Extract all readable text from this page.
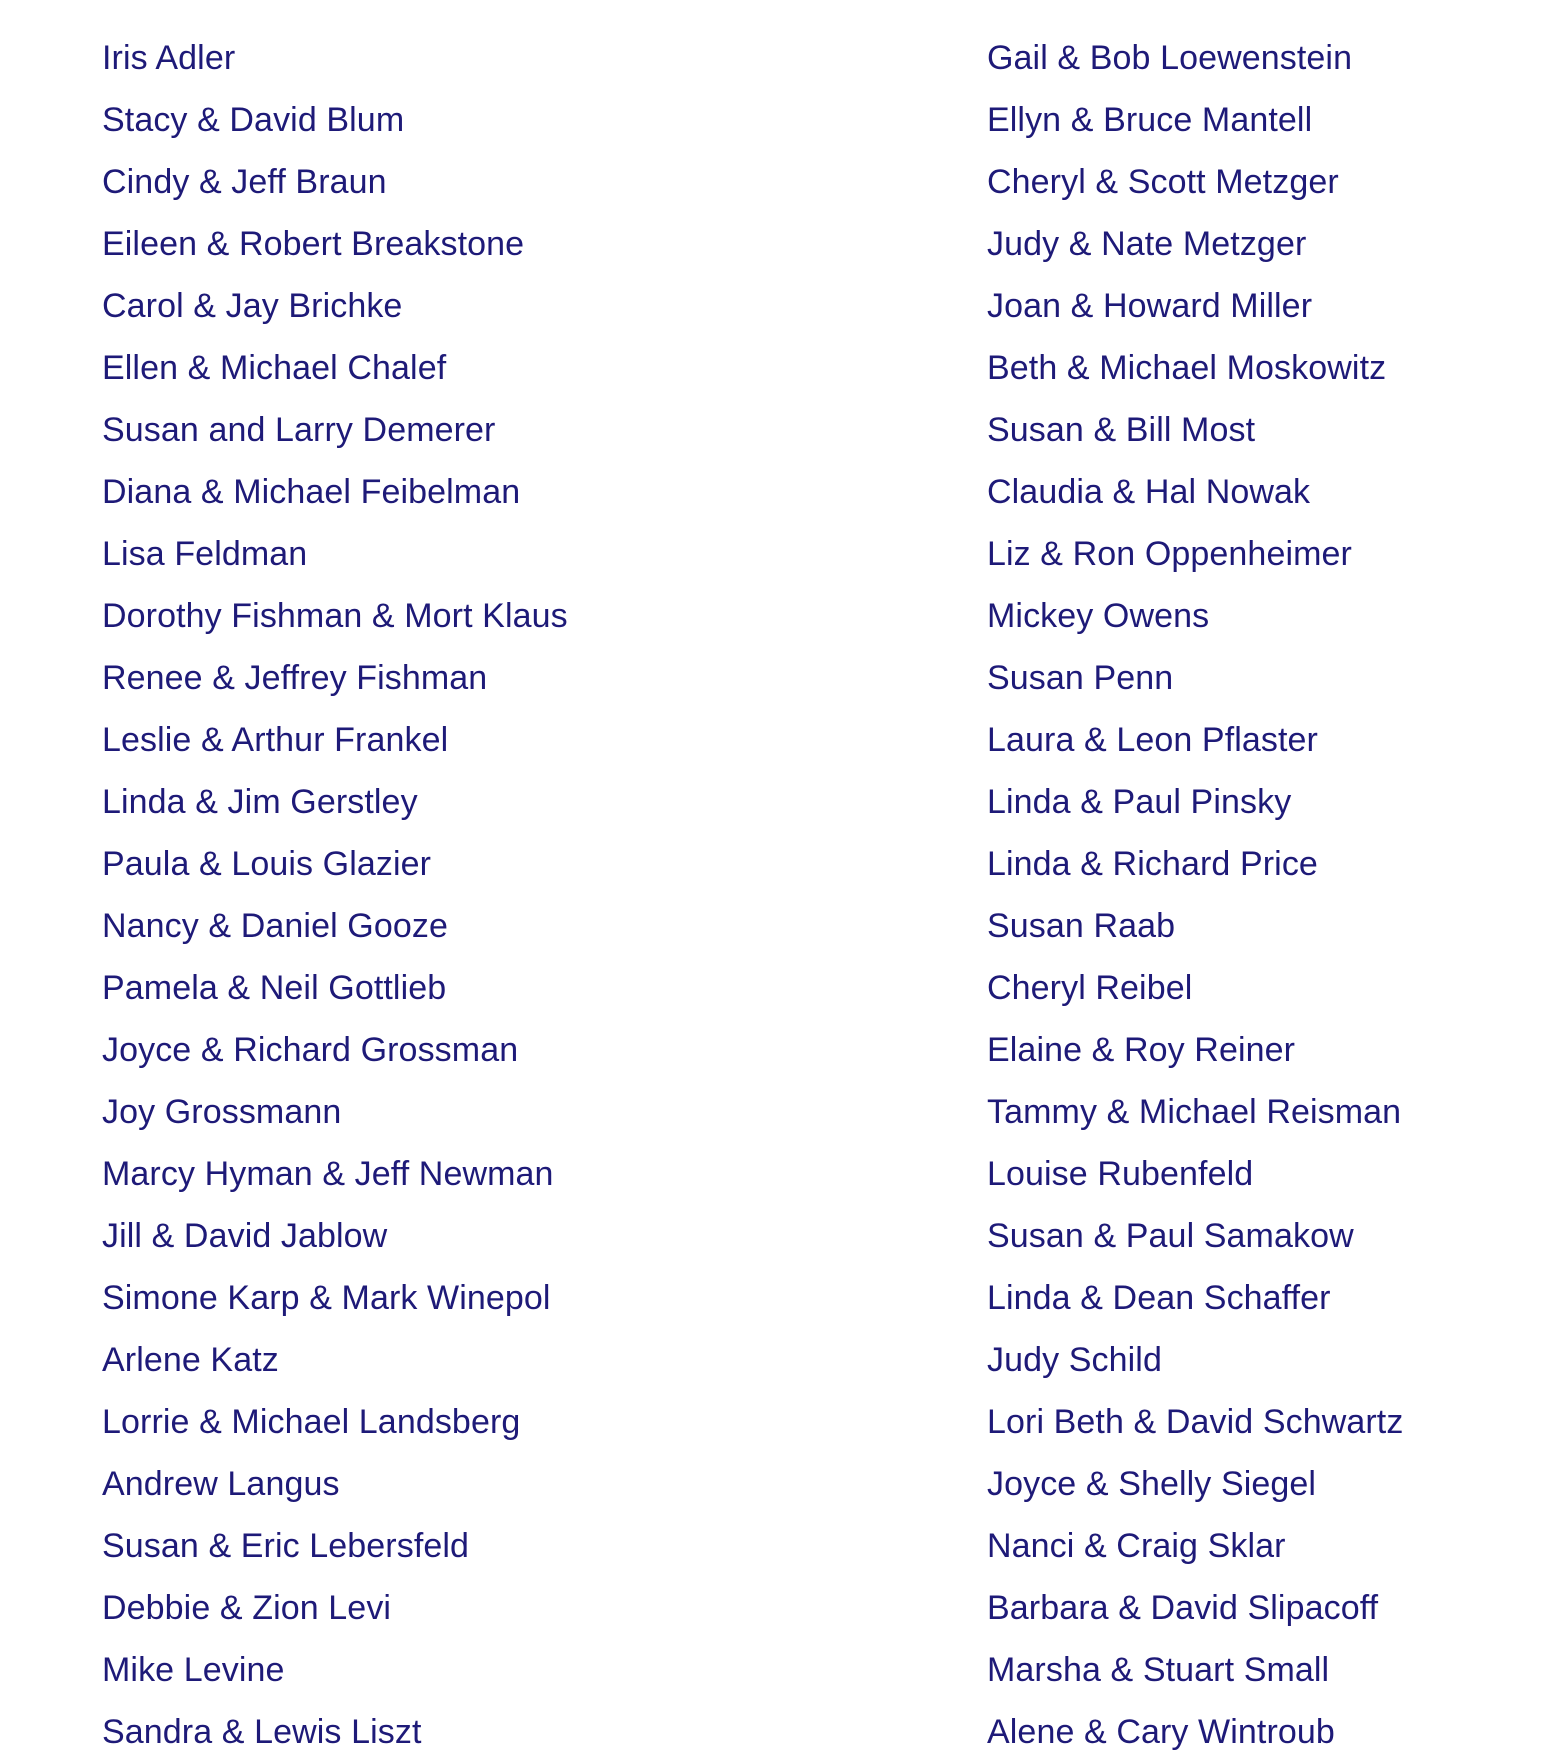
Iris Adler
Stacy & David Blum
Cindy & Jeff Braun
Eileen & Robert Breakstone
Carol & Jay Brichke
Ellen & Michael Chalef
Susan and Larry Demerer
Diana & Michael Feibelman
Lisa Feldman
Dorothy Fishman & Mort Klaus
Renee & Jeffrey Fishman
Leslie & Arthur Frankel
Linda & Jim Gerstley
Paula & Louis Glazier
Nancy & Daniel Gooze
Pamela & Neil Gottlieb
Joyce & Richard Grossman
Joy Grossmann
Marcy Hyman & Jeff Newman
Jill & David Jablow
Simone Karp & Mark Winepol
Arlene Katz
Lorrie & Michael Landsberg
Andrew Langus
Susan & Eric Lebersfeld
Debbie & Zion Levi
Mike Levine
Sandra & Lewis Liszt
Gail & Bob Loewenstein
Ellyn & Bruce Mantell
Cheryl & Scott Metzger
Judy & Nate Metzger
Joan & Howard Miller
Beth & Michael Moskowitz
Susan & Bill Most
Claudia & Hal Nowak
Liz & Ron Oppenheimer
Mickey Owens
Susan Penn
Laura & Leon Pflaster
Linda & Paul Pinsky
Linda & Richard Price
Susan Raab
Cheryl Reibel
Elaine & Roy Reiner
Tammy & Michael Reisman
Louise Rubenfeld
Susan & Paul Samakow
Linda & Dean Schaffer
Judy Schild
Lori Beth & David Schwartz
Joyce & Shelly Siegel
Nanci & Craig Sklar
Barbara & David Slipacoff
Marsha & Stuart Small
Alene & Cary Wintroub
